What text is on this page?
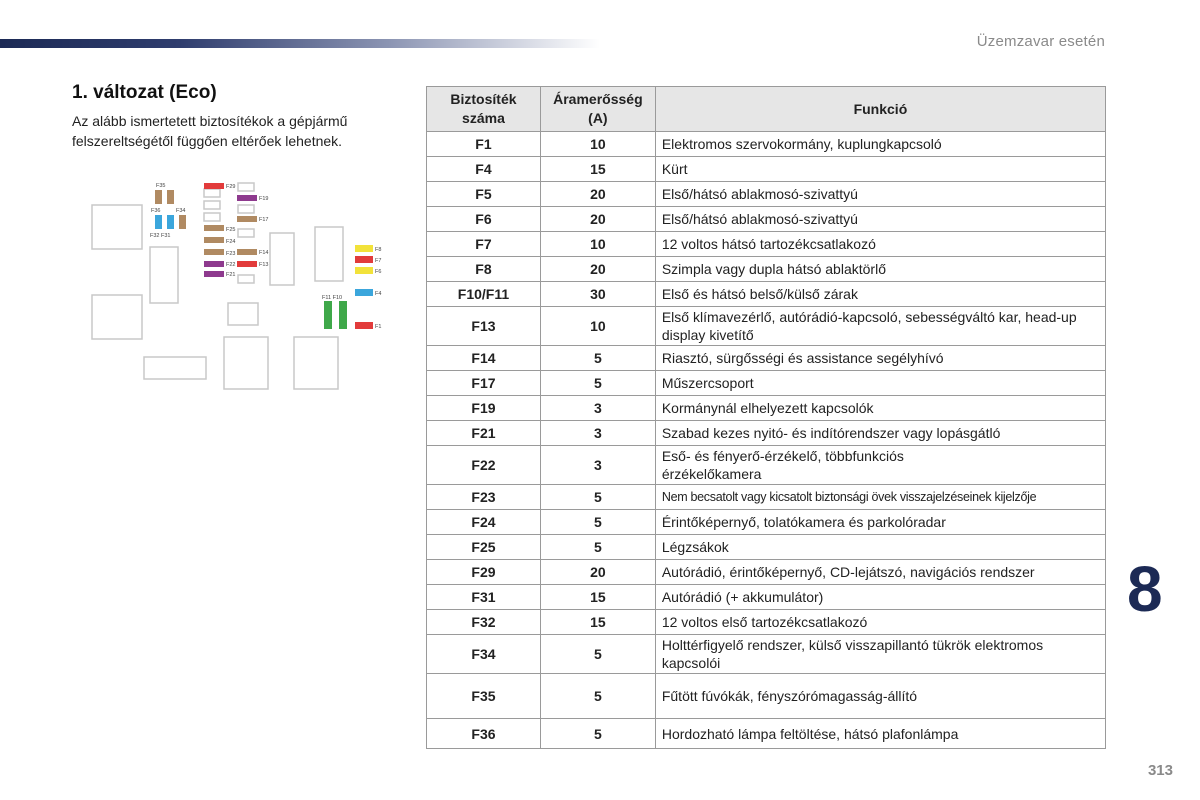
Üzemzavar esetén
1. változat (Eco)
Az alább ismertetett biztosítékok a gépjármű felszereltségétől függően eltérőek lehetnek.
F35
F36	F34
F32 F31
F29
F19
F17
F25
F24
F23
F22
F21
F14
F13
F8
F7
F6
F4
F11 F10
F1
Biztosíték száma	Áramerősség (A)	Funkció
F1	10	Elektromos szervokormány, kuplungkapcsoló
F4	15	Kürt
F5	20	Első/hátsó ablakmosó-szivattyú
F6	20	Első/hátsó ablakmosó-szivattyú
F7	10	12 voltos hátsó tartozékcsatlakozó
F8	20	Szimpla vagy dupla hátsó ablaktörlő
F10/F11	30	Első és hátsó belső/külső zárak
F13	10	Első klímavezérlő, autórádió-kapcsoló, sebességváltó kar, head-up display kivetítő
F14	5	Riasztó, sürgősségi és assistance segélyhívó
F17	5	Műszercsoport
F19	3	Kormánynál elhelyezett kapcsolók
F21	3	Szabad kezes nyitó- és indítórendszer vagy lopásgátló
F22	3	Eső- és fényerő-érzékelő, többfunkciós érzékelőkamera
F23	5	Nem becsatolt vagy kicsatolt biztonsági övek visszajelzéseinek kijelzője
F24	5	Érintőképernyő, tolatókamera és parkolóradar
F25	5	Légzsákok
F29	20	Autórádió, érintőképernyő, CD-lejátszó, navigációs rendszer
F31	15	Autórádió (+ akkumulátor)
F32	15	12 voltos első tartozékcsatlakozó
F34	5	Holttérfigyelő rendszer, külső visszapillantó tükrök elektromos kapcsolói
F35	5	Fűtött fúvókák, fényszórómagasság-állító
F36	5	Hordozható lámpa feltöltése, hátsó plafonlámpa
8
313
